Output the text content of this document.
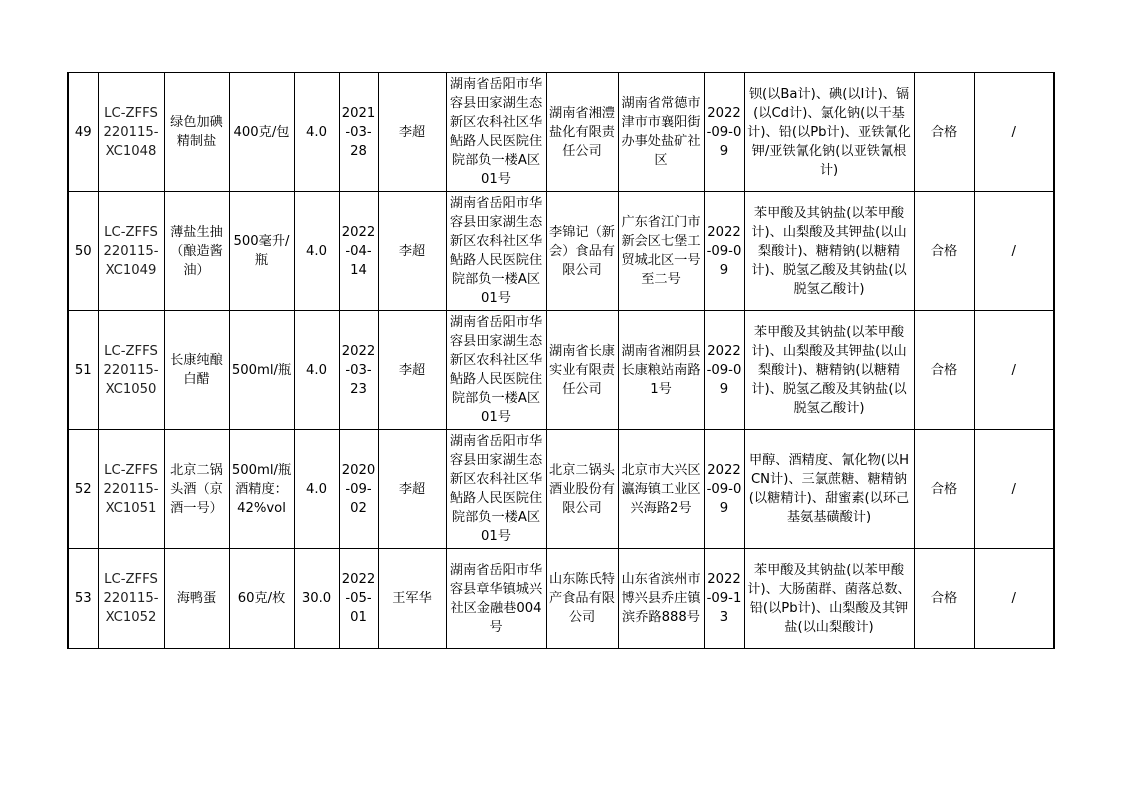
49	LC-ZFFS220115-XC1048	绿色加碘精制盐	400克/包	4.0	2021-03-28	李超	湖南省岳阳市华容县田家湖生态新区农科社区华鲇路人民医院住院部负一楼A区01号	湖南省湘澧盐化有限责任公司	湖南省常德市津市市襄阳街办事处盐矿社区	2022-09-09	钡(以Ba计)、碘(以I计)、镉(以Cd计)、氯化钠(以干基计)、铅(以Pb计)、亚铁氰化钾/亚铁氰化钠(以亚铁氰根计)	合格	/
50	LC-ZFFS220115-XC1049	薄盐生抽（酿造酱油）	500毫升/瓶	4.0	2022-04-14	李超	湖南省岳阳市华容县田家湖生态新区农科社区华鲇路人民医院住院部负一楼A区01号	李锦记（新会）食品有限公司	广东省江门市新会区七堡工贸城北区一号至二号	2022-09-09	苯甲酸及其钠盐(以苯甲酸计)、山梨酸及其钾盐(以山梨酸计)、糖精钠(以糖精计)、脱氢乙酸及其钠盐(以脱氢乙酸计)	合格	/
51	LC-ZFFS220115-XC1050	长康纯酿白醋	500ml/瓶	4.0	2022-03-23	李超	湖南省岳阳市华容县田家湖生态新区农科社区华鲇路人民医院住院部负一楼A区01号	湖南省长康实业有限责任公司	湖南省湘阴县长康粮站南路1号	2022-09-09	苯甲酸及其钠盐(以苯甲酸计)、山梨酸及其钾盐(以山梨酸计)、糖精钠(以糖精计)、脱氢乙酸及其钠盐(以脱氢乙酸计)	合格	/
52	LC-ZFFS220115-XC1051	北京二锅头酒（京酒一号）	500ml/瓶 酒精度：42%vol	4.0	2020-09-02	李超	湖南省岳阳市华容县田家湖生态新区农科社区华鲇路人民医院住院部负一楼A区01号	北京二锅头酒业股份有限公司	北京市大兴区瀛海镇工业区兴海路2号	2022-09-09	甲醇、酒精度、氰化物(以HCN计)、三氯蔗糖、糖精钠(以糖精计)、甜蜜素(以环己基氨基磺酸计)	合格	/
53	LC-ZFFS220115-XC1052	海鸭蛋	60克/枚	30.0	2022-05-01	王军华	湖南省岳阳市华容县章华镇城兴社区金融巷004号	山东陈氏特产食品有限公司	山东省滨州市博兴县乔庄镇滨乔路888号	2022-09-13	苯甲酸及其钠盐(以苯甲酸计)、大肠菌群、菌落总数、铅(以Pb计)、山梨酸及其钾盐(以山梨酸计)	合格	/
